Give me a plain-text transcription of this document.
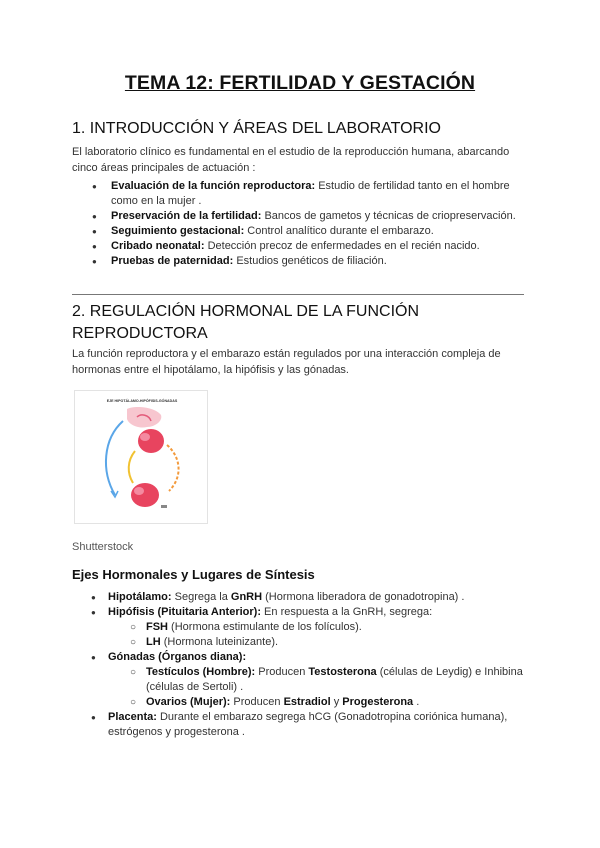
TEMA 12: FERTILIDAD Y GESTACIÓN
1. INTRODUCCIÓN Y ÁREAS DEL LABORATORIO

El laboratorio clínico es fundamental en el estudio de la reproducción humana, abarcando cinco áreas principales de actuación :

● Evaluación de la función reproductora: Estudio de fertilidad tanto en el hombre como en la mujer .
● Preservación de la fertilidad: Bancos de gametos y técnicas de criopreservación.
● Seguimiento gestacional: Control analítico durante el embarazo.
● Cribado neonatal: Detección precoz de enfermedades en el recién nacido.
● Pruebas de paternidad: Estudios genéticos de filiación.
2. REGULACIÓN HORMONAL DE LA FUNCIÓN REPRODUCTORA

La función reproductora y el embarazo están regulados por una interacción compleja de hormonas entre el hipotálamo, la hipófisis y las gónadas.

EJE HIPOTÁLAMO-HIPÓFISIS-GÓNADAS
Shutterstock
Ejes Hormonales y Lugares de Síntesis
● Hipotálamo: Segrega la GnRH (Hormona liberadora de gonadotropina) .
● Hipófisis (Pituitaria Anterior): En respuesta a la GnRH, segrega:
○ FSH (Hormona estimulante de los folículos).
○ LH (Hormona luteinizante).
● Gónadas (Órganos diana):
○ Testículos (Hombre): Producen Testosterona (células de Leydig) e Inhibina (células de Sertoli) .
○ Ovarios (Mujer): Producen Estradiol y Progesterona .
● Placenta: Durante el embarazo segrega hCG (Gonadotropina coriónica humana), estrógenos y progesterona .
